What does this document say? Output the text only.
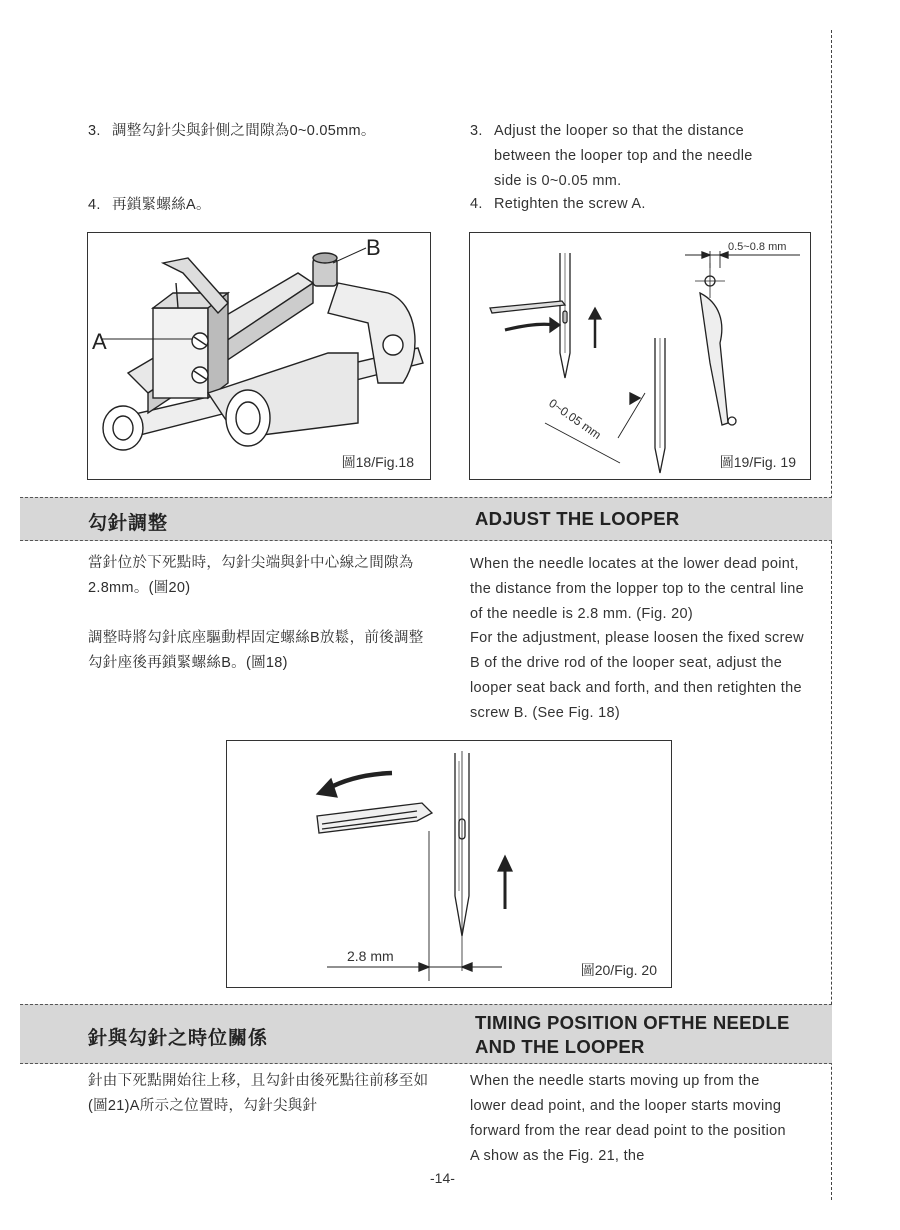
3. 調整勾針尖與針側之間隙為0~0.05mm。
4. 再鎖緊螺絲A。
3. Adjust the looper so that the distance between the looper top and the needle side is 0~0.05 mm.
4. Retighten the screw A.
A
B
圖18/Fig.18
0.5~0.8 mm
0~0.05 mm
圖19/Fig. 19
勾針調整	ADJUST THE LOOPER
當針位於下死點時，勾針尖端與針中心線之間隙為2.8mm。(圖20)
調整時將勾針底座驅動桿固定螺絲B放鬆，前後調整勾針座後再鎖緊螺絲B。(圖18)
When the needle locates at the lower dead point, the distance from the lopper top to the central line of the needle is 2.8 mm. (Fig. 20)
For the adjustment, please loosen the fixed screw B of the drive rod of the looper seat, adjust the looper seat back and forth, and then retighten the screw B. (See Fig. 18)
2.8 mm
圖20/Fig. 20
針與勾針之時位關係
TIMING POSITION OFTHE NEEDLE
AND THE LOOPER
針由下死點開始往上移，且勾針由後死點往前移至如(圖21)A所示之位置時，勾針尖與針
When the needle starts moving up from the lower dead point, and the looper starts moving forward from the rear dead point to the position A show as the Fig. 21, the
-14-
